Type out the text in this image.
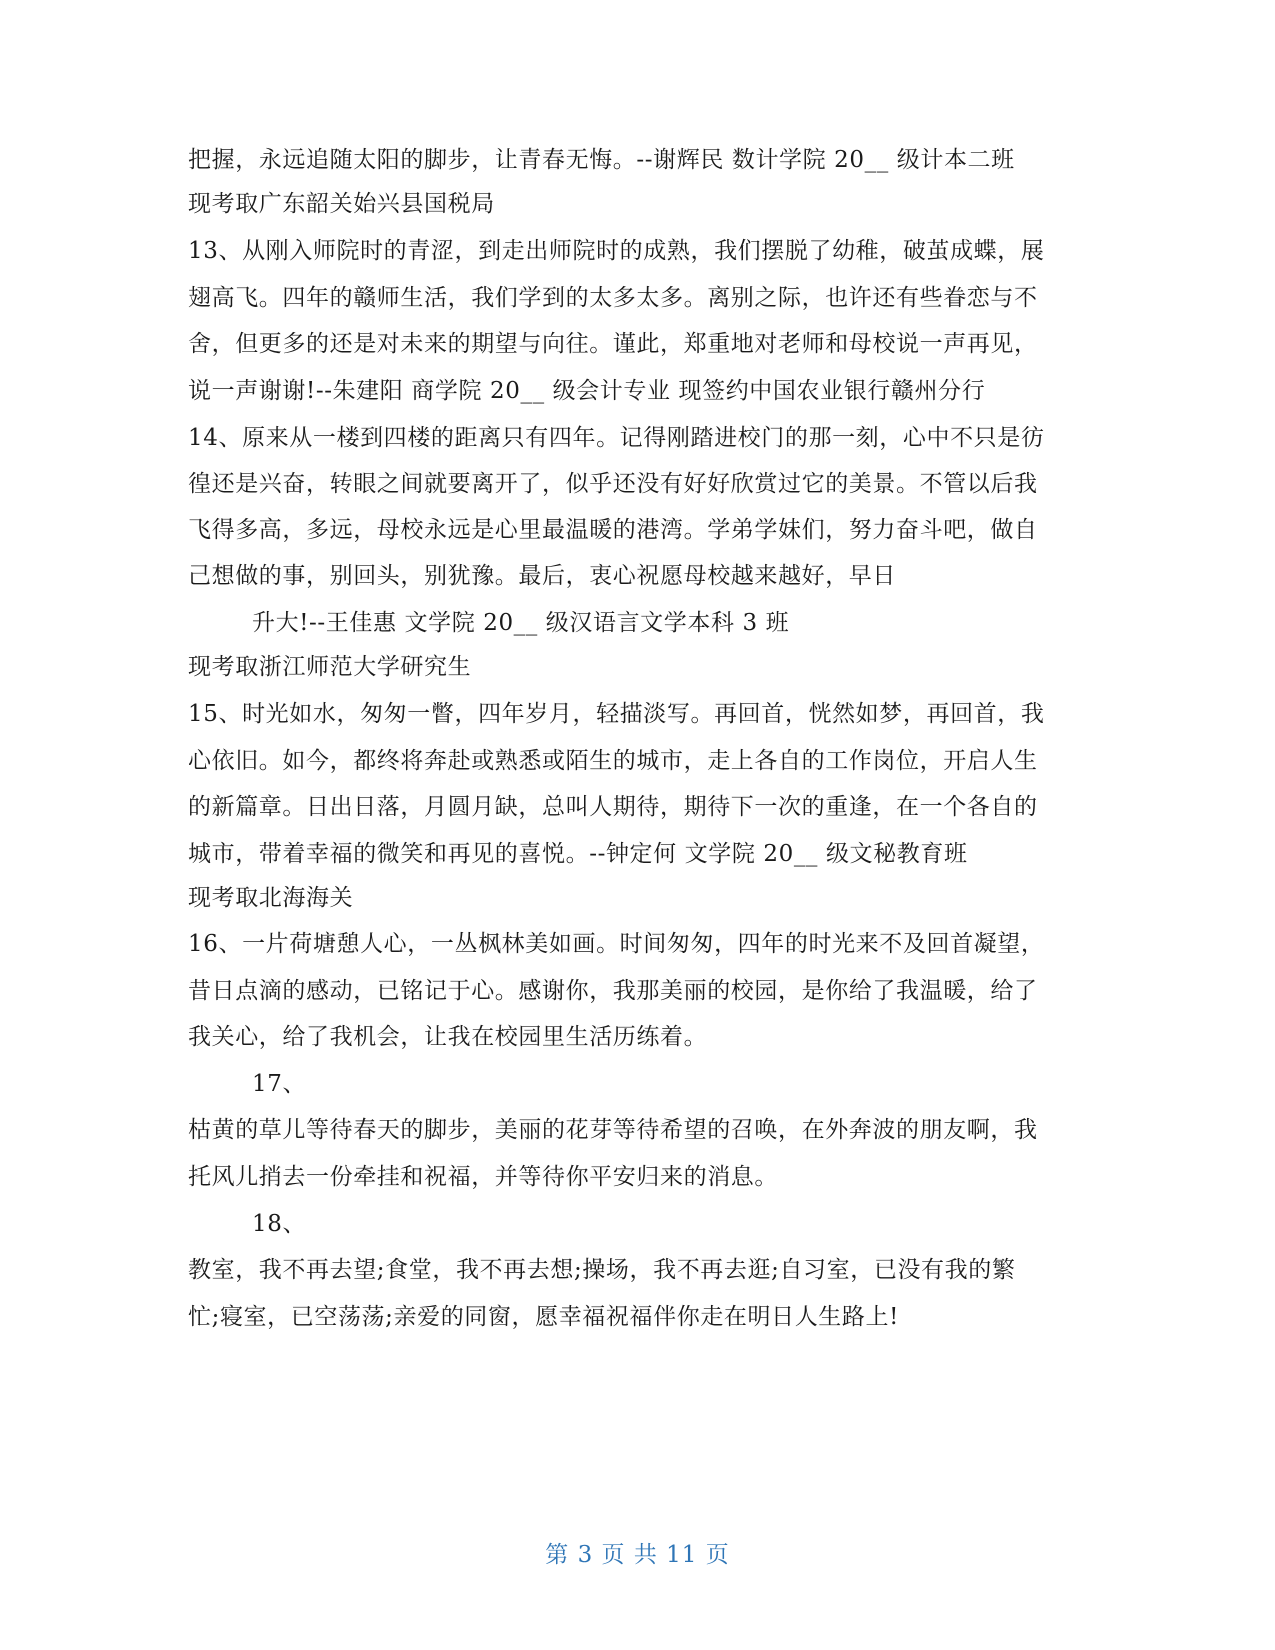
把握，永远追随太阳的脚步，让青春无悔。--谢辉民 数计学院 20__ 级计本二班
现考取广东韶关始兴县国税局
13、从刚入师院时的青涩，到走出师院时的成熟，我们摆脱了幼稚，破茧成蝶，展
翅高飞。四年的赣师生活，我们学到的太多太多。离别之际，也许还有些眷恋与不
舍，但更多的还是对未来的期望与向往。谨此，郑重地对老师和母校说一声再见，
说一声谢谢!--朱建阳 商学院 20__ 级会计专业 现签约中国农业银行赣州分行
14、原来从一楼到四楼的距离只有四年。记得刚踏进校门的那一刻，心中不只是彷
徨还是兴奋，转眼之间就要离开了，似乎还没有好好欣赏过它的美景。不管以后我
飞得多高，多远，母校永远是心里最温暖的港湾。学弟学妹们，努力奋斗吧，做自
己想做的事，别回头，别犹豫。最后，衷心祝愿母校越来越好，早日
升大!--王佳惠 文学院 20__ 级汉语言文学本科 3 班
现考取浙江师范大学研究生
15、时光如水，匆匆一瞥，四年岁月，轻描淡写。再回首，恍然如梦，再回首，我
心依旧。如今，都终将奔赴或熟悉或陌生的城市，走上各自的工作岗位，开启人生
的新篇章。日出日落，月圆月缺，总叫人期待，期待下一次的重逢，在一个各自的
城市，带着幸福的微笑和再见的喜悦。--钟定何 文学院 20__ 级文秘教育班
现考取北海海关
16、一片荷塘憩人心，一丛枫林美如画。时间匆匆，四年的时光来不及回首凝望，
昔日点滴的感动，已铭记于心。感谢你，我那美丽的校园，是你给了我温暖，给了
我关心，给了我机会，让我在校园里生活历练着。
17、
枯黄的草儿等待春天的脚步，美丽的花芽等待希望的召唤，在外奔波的朋友啊，我
托风儿捎去一份牵挂和祝福，并等待你平安归来的消息。
18、
教室，我不再去望;食堂，我不再去想;操场，我不再去逛;自习室，已没有我的繁
忙;寝室，已空荡荡;亲爱的同窗，愿幸福祝福伴你走在明日人生路上!
第 3 页 共 11 页
